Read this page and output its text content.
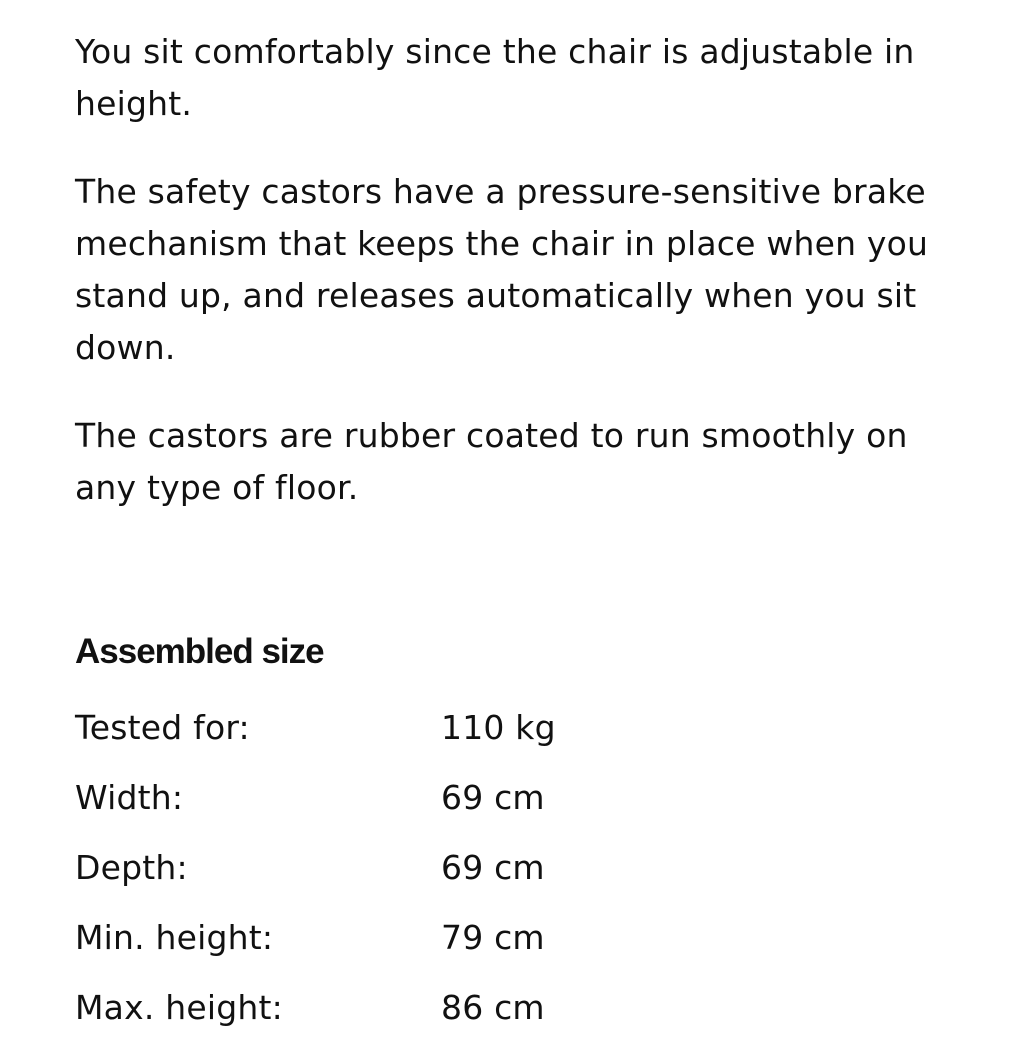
You sit comfortably since the chair is adjustable in height.

The safety castors have a pressure-sensitive brake mechanism that keeps the chair in place when you stand up, and releases automatically when you sit down.

The castors are rubber coated to run smoothly on any type of floor.

Assembled size
Tested for:	110 kg
Width:	69 cm
Depth:	69 cm
Min. height:	79 cm
Max. height:	86 cm
